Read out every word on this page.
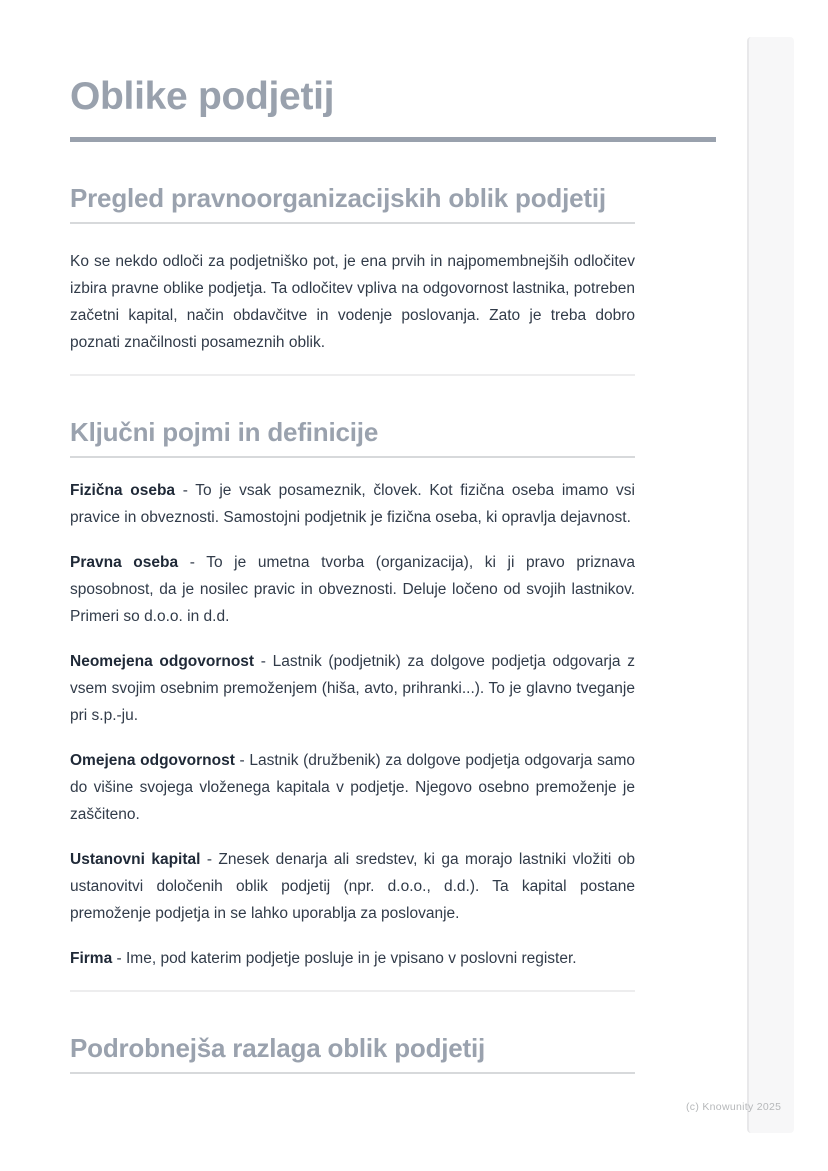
(c) Knowunity 2025
Oblike podjetij
Pregled pravnoorganizacijskih oblik podjetij

Ko se nekdo odloči za podjetniško pot, je ena prvih in najpomembnejših odločitev izbira pravne oblike podjetja. Ta odločitev vpliva na odgovornost lastnika, potreben začetni kapital, način obdavčitve in vodenje poslovanja. Zato je treba dobro poznati značilnosti posameznih oblik.

Ključni pojmi in definicije

Fizična oseba - To je vsak posameznik, človek. Kot fizična oseba imamo vsi pravice in obveznosti. Samostojni podjetnik je fizična oseba, ki opravlja dejavnost.

Pravna oseba - To je umetna tvorba (organizacija), ki ji pravo priznava sposobnost, da je nosilec pravic in obveznosti. Deluje ločeno od svojih lastnikov. Primeri so d.o.o. in d.d.

Neomejena odgovornost - Lastnik (podjetnik) za dolgove podjetja odgovarja z vsem svojim osebnim premoženjem (hiša, avto, prihranki...). To je glavno tveganje pri s.p.-ju.

Omejena odgovornost - Lastnik (družbenik) za dolgove podjetja odgovarja samo do višine svojega vloženega kapitala v podjetje. Njegovo osebno premoženje je zaščiteno.

Ustanovni kapital - Znesek denarja ali sredstev, ki ga morajo lastniki vložiti ob ustanovitvi določenih oblik podjetij (npr. d.o.o., d.d.). Ta kapital postane premoženje podjetja in se lahko uporablja za poslovanje.

Firma - Ime, pod katerim podjetje posluje in je vpisano v poslovni register.

Podrobnejša razlaga oblik podjetij
